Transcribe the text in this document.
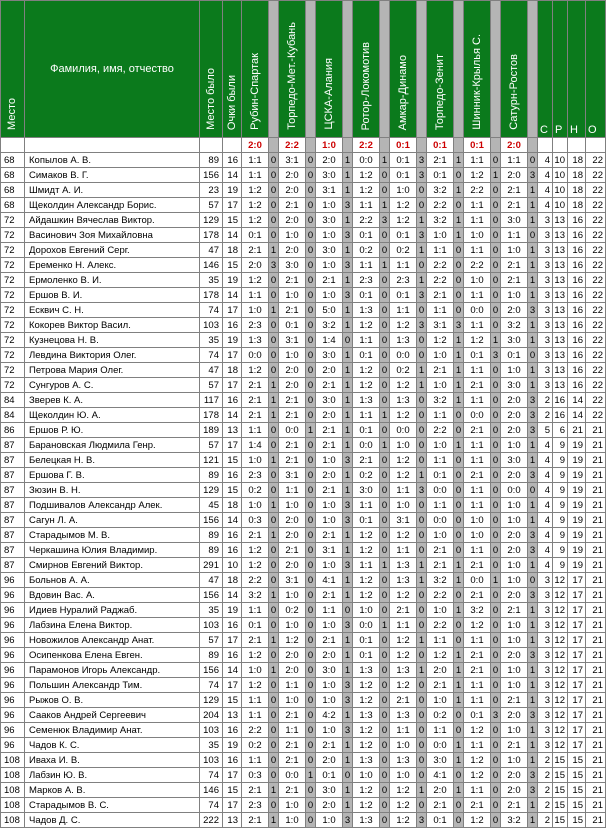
Место	Фамилия, имя, отчество	Место было	Очки были	Рубин-Спартак		Торпедо-Мет.-Кубань		ЦСКА-Алания		Ротор-Локомотив		Амкар-Динамо		Торпедо-Зенит		Шинник-Крылья С.		Сатурн-Ростов		С	Р	Н	О

				2:0		2:2		1:0		2:2		0:1		0:1		0:1		2:0					
68	Копылов А. В.	89	16	1:1	0	3:1	0	2:0	1	0:0	1	0:1	3	2:1	1	1:1	0	1:1	0	4	10	18	22
68	Симаков В. Г.	156	14	1:1	0	2:0	0	3:0	1	1:2	0	0:1	3	0:1	0	1:2	1	2:0	3	4	10	18	22
68	Шмидт А. И.	23	19	1:2	0	2:0	0	3:1	1	1:2	0	1:0	0	3:2	1	2:2	0	2:1	1	4	10	18	22
68	Щеколдин Александр Борис.	57	17	1:2	0	2:1	0	1:0	3	1:1	1	1:2	0	2:2	0	1:1	0	2:1	1	4	10	18	22
72	Айдашкин Вячеслав Виктор.	129	15	1:2	0	2:0	0	3:0	1	2:2	3	1:2	1	3:2	1	1:1	0	3:0	1	3	13	16	22
72	Васинович Зоя Михайловна	178	14	0:1	0	1:0	0	1:0	3	0:1	0	0:1	3	1:0	1	1:0	0	1:1	0	3	13	16	22
72	Дорохов Евгений Серг.	47	18	2:1	1	2:0	0	3:0	1	0:2	0	0:2	1	1:1	0	1:1	0	1:0	1	3	13	16	22
72	Еременко Н. Алекс.	146	15	2:0	3	3:0	0	1:0	3	1:1	1	1:1	0	2:2	0	2:2	0	2:1	1	3	13	16	22
72	Ермоленко В. И.	35	19	1:2	0	2:1	0	2:1	1	2:3	0	2:3	1	2:2	0	1:0	0	2:1	1	3	13	16	22
72	Ершов В. И.	178	14	1:1	0	1:0	0	1:0	3	0:1	0	0:1	3	2:1	0	1:1	0	1:0	1	3	13	16	22
72	Есквич С. Н.	74	17	1:0	1	2:1	0	5:0	1	1:3	0	1:1	0	1:1	0	0:0	0	2:0	3	3	13	16	22
72	Кокорев Виктор Васил.	103	16	2:3	0	0:1	0	3:2	1	1:2	0	1:2	3	3:1	3	1:1	0	3:2	1	3	13	16	22
72	Кузнецова Н. В.	35	19	1:3	0	3:1	0	1:4	0	1:1	0	1:3	0	1:2	1	1:2	1	3:0	1	3	13	16	22
72	Левдина Виктория Олег.	74	17	0:0	0	1:0	0	3:0	1	0:1	0	0:0	0	1:0	1	0:1	3	0:1	0	3	13	16	22
72	Петрова Мария Олег.	47	18	1:2	0	2:0	0	2:0	1	1:2	0	0:2	1	2:1	1	1:1	0	1:0	1	3	13	16	22
72	Сунгуров А. С.	57	17	2:1	1	2:0	0	2:1	1	1:2	0	1:2	1	1:0	1	2:1	0	3:0	1	3	13	16	22
84	Зверев К. А.	117	16	2:1	1	2:1	0	3:0	1	1:3	0	1:3	0	3:2	1	1:1	0	2:0	3	2	16	14	22
84	Щеколдин Ю. А.	178	14	2:1	1	2:1	0	2:0	1	1:1	1	1:2	0	1:1	0	0:0	0	2:0	3	2	16	14	22
86	Ершов Р. Ю.	189	13	1:1	0	0:0	1	2:1	1	0:1	0	0:0	0	2:2	0	2:1	0	2:0	3	5	6	21	21
87	Барановская Людмила Генр.	57	17	1:4	0	2:1	0	2:1	1	0:0	1	1:0	0	1:0	1	1:1	0	1:0	1	4	9	19	21
87	Белецкая Н. В.	121	15	1:0	1	2:1	0	1:0	3	2:1	0	1:2	0	1:1	0	1:1	0	3:0	1	4	9	19	21
87	Ершова Г. В.	89	16	2:3	0	3:1	0	2:0	1	0:2	0	1:2	1	0:1	0	2:1	0	2:0	3	4	9	19	21
87	Зюзин В. Н.	129	15	0:2	0	1:1	0	2:1	1	3:0	0	1:1	3	0:0	0	1:1	0	0:0	0	4	9	19	21
87	Подшивалов Александр Алек.	45	18	1:0	1	1:0	0	1:0	3	1:1	0	1:0	0	1:1	0	1:1	0	1:0	1	4	9	19	21
87	Сагун Л. А.	156	14	0:3	0	2:0	0	1:0	3	0:1	0	3:1	0	0:0	0	1:0	0	1:0	1	4	9	19	21
87	Старадымов М. В.	89	16	2:1	1	2:0	0	2:1	1	1:2	0	1:2	0	1:0	0	1:0	0	2:0	3	4	9	19	21
87	Черкашина Юлия Владимир.	89	16	1:2	0	2:1	0	3:1	1	1:2	0	1:1	0	2:1	0	1:1	0	2:0	3	4	9	19	21
87	Смирнов Евгений Виктор.	291	10	1:2	0	2:0	0	1:0	3	1:1	1	1:3	1	2:1	1	2:1	0	1:0	1	4	9	19	21
96	Больнов А. А.	47	18	2:2	0	3:1	0	4:1	1	1:2	0	1:3	1	3:2	1	0:0	1	1:0	0	3	12	17	21
96	Вдовин Вас. А.	156	14	3:2	1	1:0	0	2:1	1	1:2	0	1:2	0	2:2	0	2:1	0	2:0	3	3	12	17	21
96	Идиев Нуралий Раджаб.	35	19	1:1	0	0:2	0	1:1	0	1:0	0	2:1	0	1:0	1	3:2	0	2:1	1	3	12	17	21
96	Лабзина Елена Виктор.	103	16	0:1	0	1:0	0	1:0	3	0:0	1	1:1	0	2:2	0	1:2	0	1:0	1	3	12	17	21
96	Новожилов Александр Анат.	57	17	2:1	1	1:2	0	2:1	1	0:1	0	1:2	1	1:1	0	1:1	0	1:0	1	3	12	17	21
96	Осипенкова Елена Евген.	89	16	1:2	0	2:0	0	2:0	1	0:1	0	1:2	0	1:2	1	2:1	0	2:0	3	3	12	17	21
96	Парамонов Игорь Александр.	156	14	1:0	1	2:0	0	3:0	1	1:3	0	1:3	1	2:0	1	2:1	0	1:0	1	3	12	17	21
96	Польшин Александр Тим.	74	17	1:2	0	1:1	0	1:0	3	1:2	0	1:2	0	2:1	1	1:1	0	1:0	1	3	12	17	21
96	Рыжов О. В.	129	15	1:1	0	1:0	0	1:0	3	1:2	0	2:1	0	1:0	1	1:1	0	2:1	1	3	12	17	21
96	Сааков Андрей Сергеевич	204	13	1:1	0	2:1	0	4:2	1	1:3	0	1:3	0	0:2	0	0:1	3	2:0	3	3	12	17	21
96	Семенюк Владимир Анат.	103	16	2:2	0	1:1	0	1:0	3	1:2	0	1:1	0	1:1	0	1:2	0	1:0	1	3	12	17	21
96	Чадов К. С.	35	19	0:2	0	2:1	0	2:1	1	1:2	0	1:0	0	0:0	1	1:1	0	2:1	1	3	12	17	21
108	Ивахa И. В.	103	16	1:1	0	2:1	0	2:0	1	1:3	0	1:3	0	3:0	1	1:2	0	1:0	1	2	15	15	21
108	Лабзин Ю. В.	74	17	0:3	0	0:0	1	0:1	0	1:0	0	1:0	0	4:1	0	1:2	0	2:0	3	2	15	15	21
108	Марков А. В.	146	15	2:1	1	2:1	0	3:0	1	1:2	0	1:2	1	2:0	1	1:1	0	2:0	3	2	15	15	21
108	Старадымов В. С.	74	17	2:3	0	1:0	0	2:0	1	1:2	0	1:2	0	2:1	0	2:1	0	2:1	1	2	15	15	21
108	Чадов Д. С.	222	13	2:1	1	1:0	0	1:0	3	1:3	0	1:2	3	0:1	0	1:2	0	3:2	1	2	15	15	21
